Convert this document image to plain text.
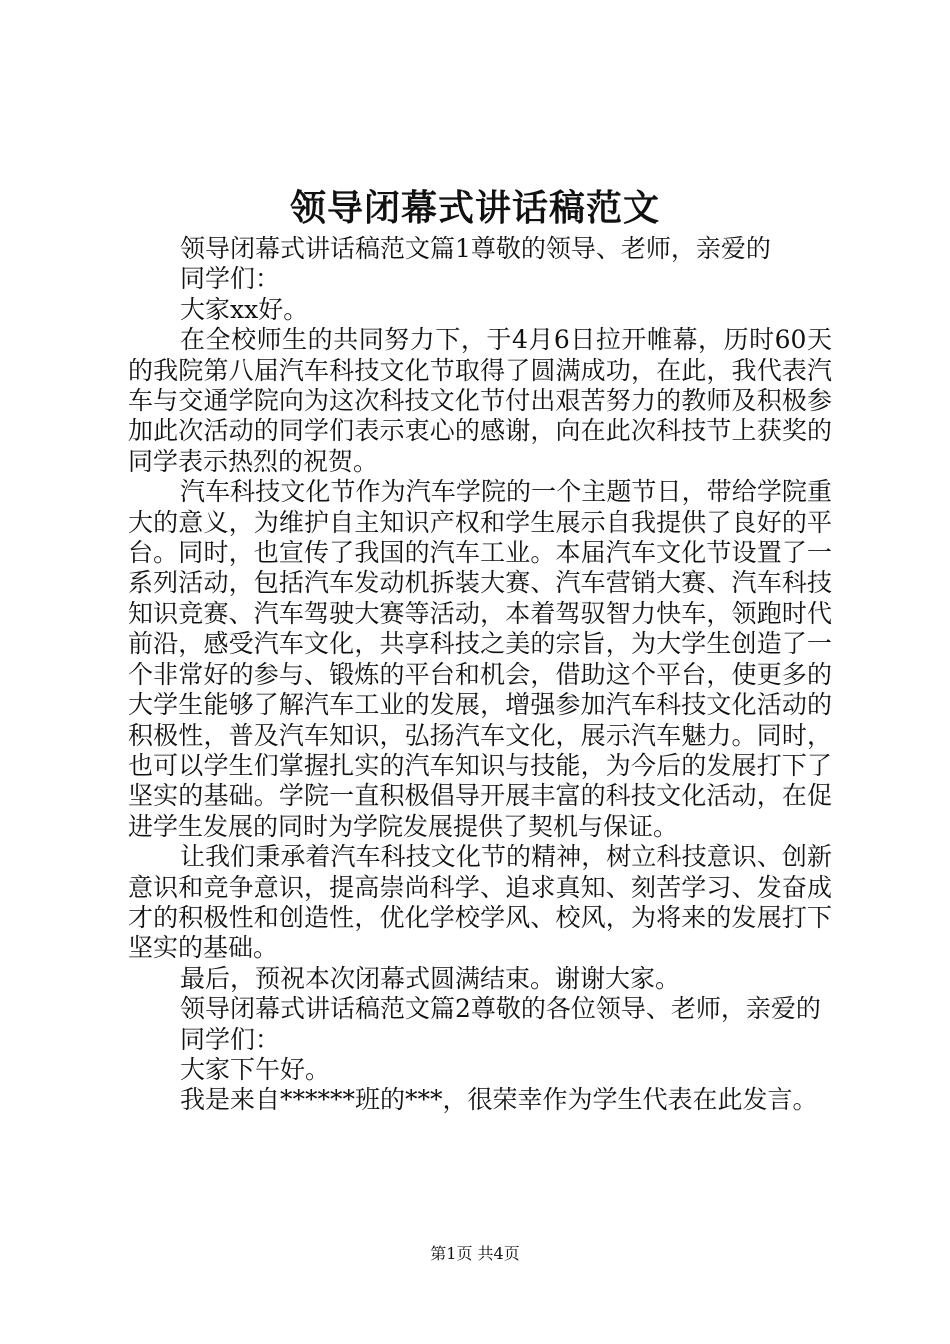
领导闭幕式讲话稿范文

领导闭幕式讲话稿范文篇1尊敬的领导、老师，亲爱的

同学们：

大家xx好。

在全校师生的共同努力下，于4月6日拉开帷幕，历时60天的我院第八届汽车科技文化节取得了圆满成功，在此，我代表汽车与交通学院向为这次科技文化节付出艰苦努力的教师及积极参加此次活动的同学们表示衷心的感谢，向在此次科技节上获奖的同学表示热烈的祝贺。

汽车科技文化节作为汽车学院的一个主题节日，带给学院重大的意义，为维护自主知识产权和学生展示自我提供了良好的平台。同时，也宣传了我国的汽车工业。本届汽车文化节设置了一系列活动，包括汽车发动机拆装大赛、汽车营销大赛、汽车科技知识竞赛、汽车驾驶大赛等活动，本着驾驭智力快车，领跑时代前沿，感受汽车文化，共享科技之美的宗旨，为大学生创造了一个非常好的参与、锻炼的平台和机会，借助这个平台，使更多的大学生能够了解汽车工业的发展，增强参加汽车科技文化活动的积极性，普及汽车知识，弘扬汽车文化，展示汽车魅力。同时，也可以学生们掌握扎实的汽车知识与技能，为今后的发展打下了坚实的基础。学院一直积极倡导开展丰富的科技文化活动，在促进学生发展的同时为学院发展提供了契机与保证。

让我们秉承着汽车科技文化节的精神，树立科技意识、创新意识和竞争意识，提高崇尚科学、追求真知、刻苦学习、发奋成才的积极性和创造性，优化学校学风、校风，为将来的发展打下坚实的基础。

最后，预祝本次闭幕式圆满结束。谢谢大家。

领导闭幕式讲话稿范文篇2尊敬的各位领导、老师，亲爱的

同学们：

大家下午好。

我是来自******班的***，很荣幸作为学生代表在此发言。

第1页 共4页
